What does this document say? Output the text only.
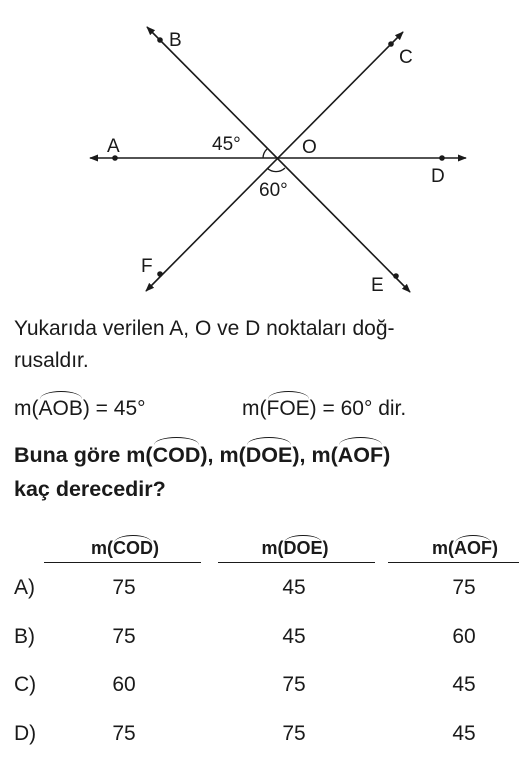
A
B
C
D
E
F
O
45°
60°
Yukarıda verilen A, O ve D noktaları doğ-
rusaldır.
m(AOB) = 45°	m(FOE) = 60° dir.
Buna göre m(COD), m(DOE), m(AOF)
kaç derecedir?
m(COD)	m(DOE)	m(AOF)
A)	75	45	75
B)	75	45	60
C)	60	75	45
D)	75	75	45
